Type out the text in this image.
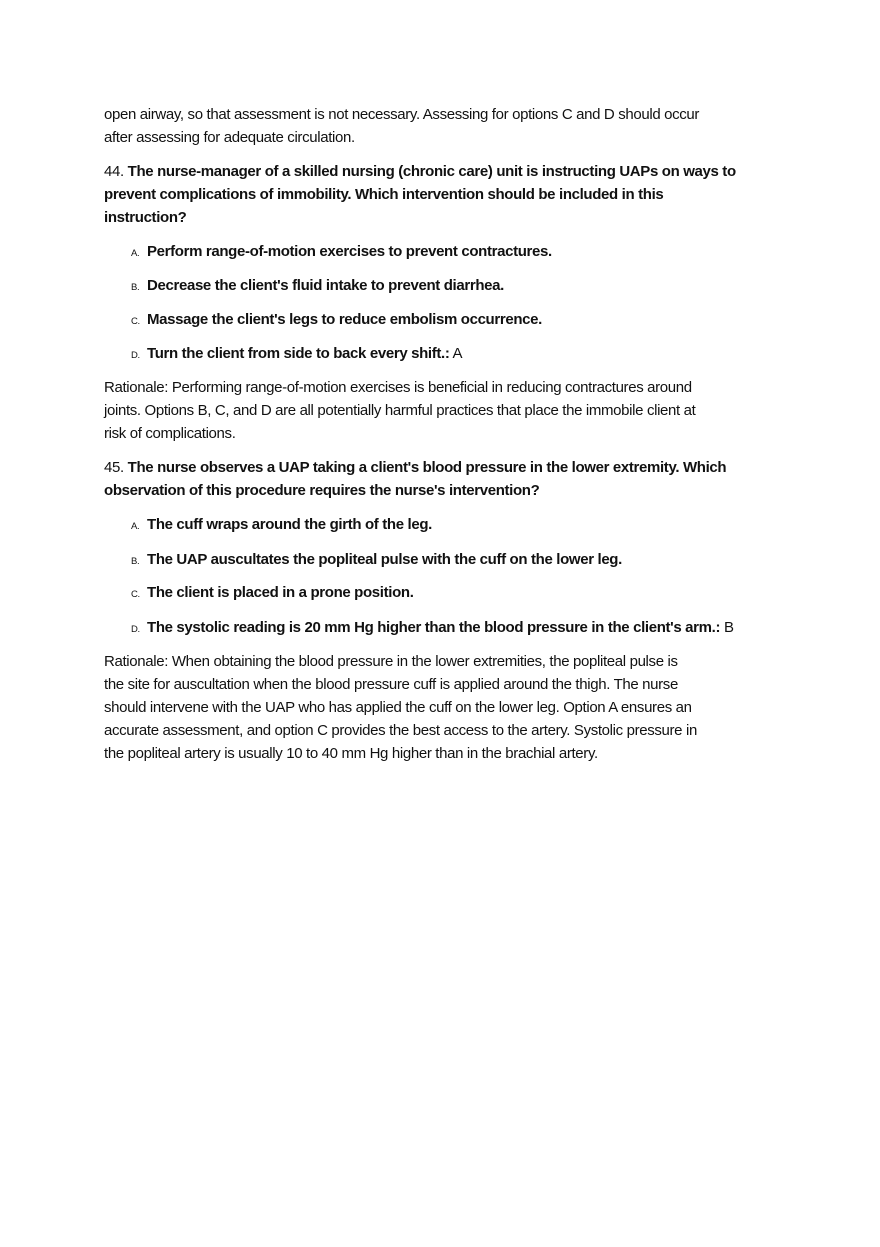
open airway, so that assessment is not necessary. Assessing for options C and D should occur
after assessing for adequate circulation.
44. The nurse-manager of a skilled nursing (chronic care) unit is instructing UAPs on ways to
prevent complications of immobility. Which intervention should be included in this
instruction?
A. Perform range-of-motion exercises to prevent contractures.
B. Decrease the client's fluid intake to prevent diarrhea.
C. Massage the client's legs to reduce embolism occurrence.
D. Turn the client from side to back every shift.: A
Rationale: Performing range-of-motion exercises is beneficial in reducing contractures around
joints. Options B, C, and D are all potentially harmful practices that place the immobile client at
risk of complications.
45. The nurse observes a UAP taking a client's blood pressure in the lower extremity. Which
observation of this procedure requires the nurse's intervention?
A. The cuff wraps around the girth of the leg.
B. The UAP auscultates the popliteal pulse with the cuff on the lower leg.
C. The client is placed in a prone position.
D. The systolic reading is 20 mm Hg higher than the blood pressure in the client's arm.: B
Rationale: When obtaining the blood pressure in the lower extremities, the popliteal pulse is
the site for auscultation when the blood pressure cuff is applied around the thigh. The nurse
should intervene with the UAP who has applied the cuff on the lower leg. Option A ensures an
accurate assessment, and option C provides the best access to the artery. Systolic pressure in
the popliteal artery is usually 10 to 40 mm Hg higher than in the brachial artery.
